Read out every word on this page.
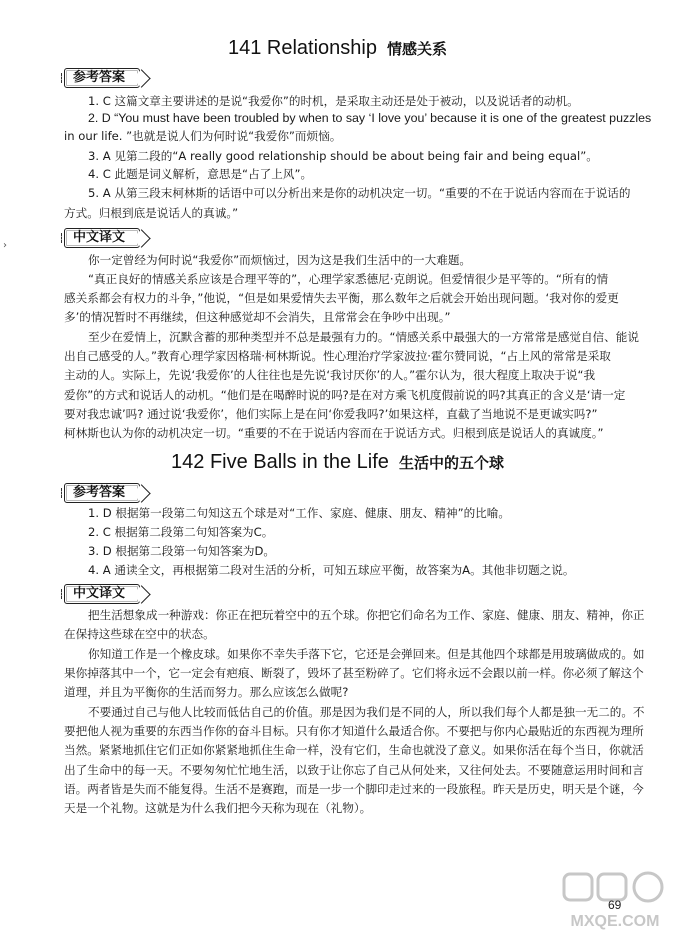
141 Relationship 情感关系
参考答案
1. C 这篇文章主要讲述的是说“我爱你”的时机，是采取主动还是处于被动，以及说话者的动机。
2. D “You must have been troubled by when to say ‘I love you’ because it is one of the greatest puzzles
in our life. ”也就是说人们为何时说“我爱你”而烦恼。
3. A 见第二段的“A really good relationship should be about being fair and being equal”。
4. C 此题是词义解析，意思是“占了上风”。
5. A 从第三段末柯林斯的话语中可以分析出来是你的动机决定一切。“重要的不在于说话内容而在于说话的
方式。归根到底是说话人的真诚。”
中文译文
你一定曾经为何时说“我爱你”而烦恼过，因为这是我们生活中的一大难题。
“真正良好的情感关系应该是合理平等的”，心理学家悉德尼·克朗说。但爱情很少是平等的。“所有的情
感关系都会有权力的斗争，”他说，“但是如果爱情失去平衡，那么数年之后就会开始出现问题。‘我对你的爱更
多’的情况暂时不再继续，但这种感觉却不会消失，且常常会在争吵中出现。”
至少在爱情上，沉默含蓄的那种类型并不总是最强有力的。“情感关系中最强大的一方常常是感觉自信、能说
出自己感受的人。”教育心理学家因格瑞·柯林斯说。性心理治疗学家波拉·霍尔赞同说，“占上风的常常是采取
主动的人。实际上，先说‘我爱你’的人往往也是先说‘我讨厌你’的人。”霍尔认为，很大程度上取决于说“我
爱你”的方式和说话人的动机。“他们是在喝醉时说的吗?是在对方乘飞机度假前说的吗?其真正的含义是‘请一定
要对我忠诚’吗? 通过说‘我爱你’，他们实际上是在问‘你爱我吗?’如果这样，直截了当地说不是更诚实吗?”
柯林斯也认为你的动机决定一切。“重要的不在于说话内容而在于说话方式。归根到底是说话人的真诚度。”
142 Five Balls in the Life 生活中的五个球
参考答案
1. D 根据第一段第二句知这五个球是对“工作、家庭、健康、朋友、精神”的比喻。
2. C 根据第二段第二句知答案为C。
3. D 根据第二段第一句知答案为D。
4. A 通读全文，再根据第二段对生活的分析，可知五球应平衡，故答案为A。其他非切题之说。
中文译文
把生活想象成一种游戏：你正在把玩着空中的五个球。你把它们命名为工作、家庭、健康、朋友、精神，你正
在保持这些球在空中的状态。
你知道工作是一个橡皮球。如果你不幸失手落下它，它还是会弹回来。但是其他四个球都是用玻璃做成的。如
果你掉落其中一个，它一定会有疤痕、断裂了，毁坏了甚至粉碎了。它们将永远不会跟以前一样。你必须了解这个
道理，并且为平衡你的生活而努力。那么应该怎么做呢?
不要通过自己与他人比较而低估自己的价值。那是因为我们是不同的人，所以我们每个人都是独一无二的。不
要把他人视为重要的东西当作你的奋斗目标。只有你才知道什么最适合你。不要把与你内心最贴近的东西视为理所
当然。紧紧地抓住它们正如你紧紧地抓住生命一样，没有它们，生命也就没了意义。如果你活在每个当日，你就活
出了生命中的每一天。不要匆匆忙忙地生活，以致于让你忘了自己从何处来，又往何处去。不要随意运用时间和言
语。两者皆是失而不能复得。生活不是赛跑，而是一步一个脚印走过来的一段旅程。昨天是历史，明天是个谜，今
天是一个礼物。这就是为什么我们把今天称为现在（礼物）。
›
MXQE.COM
69
